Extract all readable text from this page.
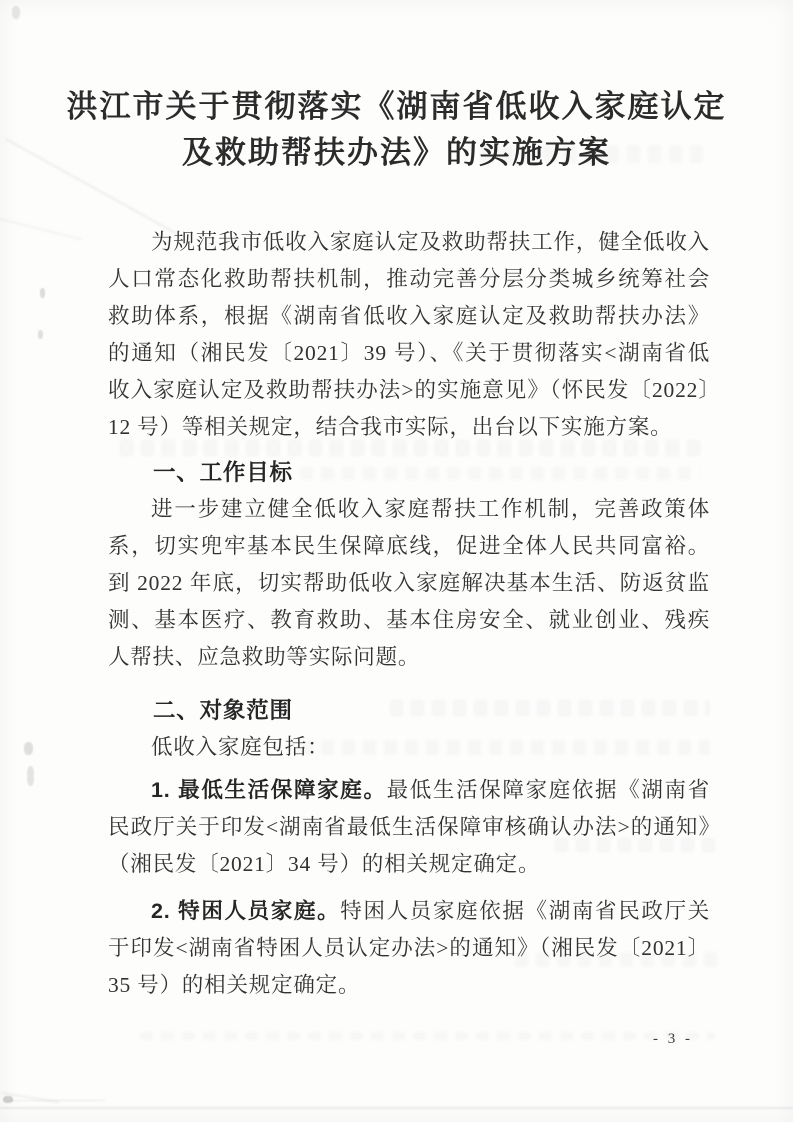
洪江市关于贯彻落实《湖南省低收入家庭认定
及救助帮扶办法》的实施方案

为规范我市低收入家庭认定及救助帮扶工作，健全低收入人口常态化救助帮扶机制，推动完善分层分类城乡统筹社会救助体系，根据《湖南省低收入家庭认定及救助帮扶办法》的通知（湘民发〔2021〕39 号）、《关于贯彻落实<湖南省低收入家庭认定及救助帮扶办法>的实施意见》（怀民发〔2022〕12 号）等相关规定，结合我市实际，出台以下实施方案。

一、工作目标

进一步建立健全低收入家庭帮扶工作机制，完善政策体系，切实兜牢基本民生保障底线，促进全体人民共同富裕。到 2022 年底，切实帮助低收入家庭解决基本生活、防返贫监测、基本医疗、教育救助、基本住房安全、就业创业、残疾人帮扶、应急救助等实际问题。

二、对象范围

低收入家庭包括：

1. 最低生活保障家庭。最低生活保障家庭依据《湖南省民政厅关于印发<湖南省最低生活保障审核确认办法>的通知》（湘民发〔2021〕34 号）的相关规定确定。

2. 特困人员家庭。特困人员家庭依据《湖南省民政厅关于印发<湖南省特困人员认定办法>的通知》（湘民发〔2021〕35 号）的相关规定确定。

- 3 -
